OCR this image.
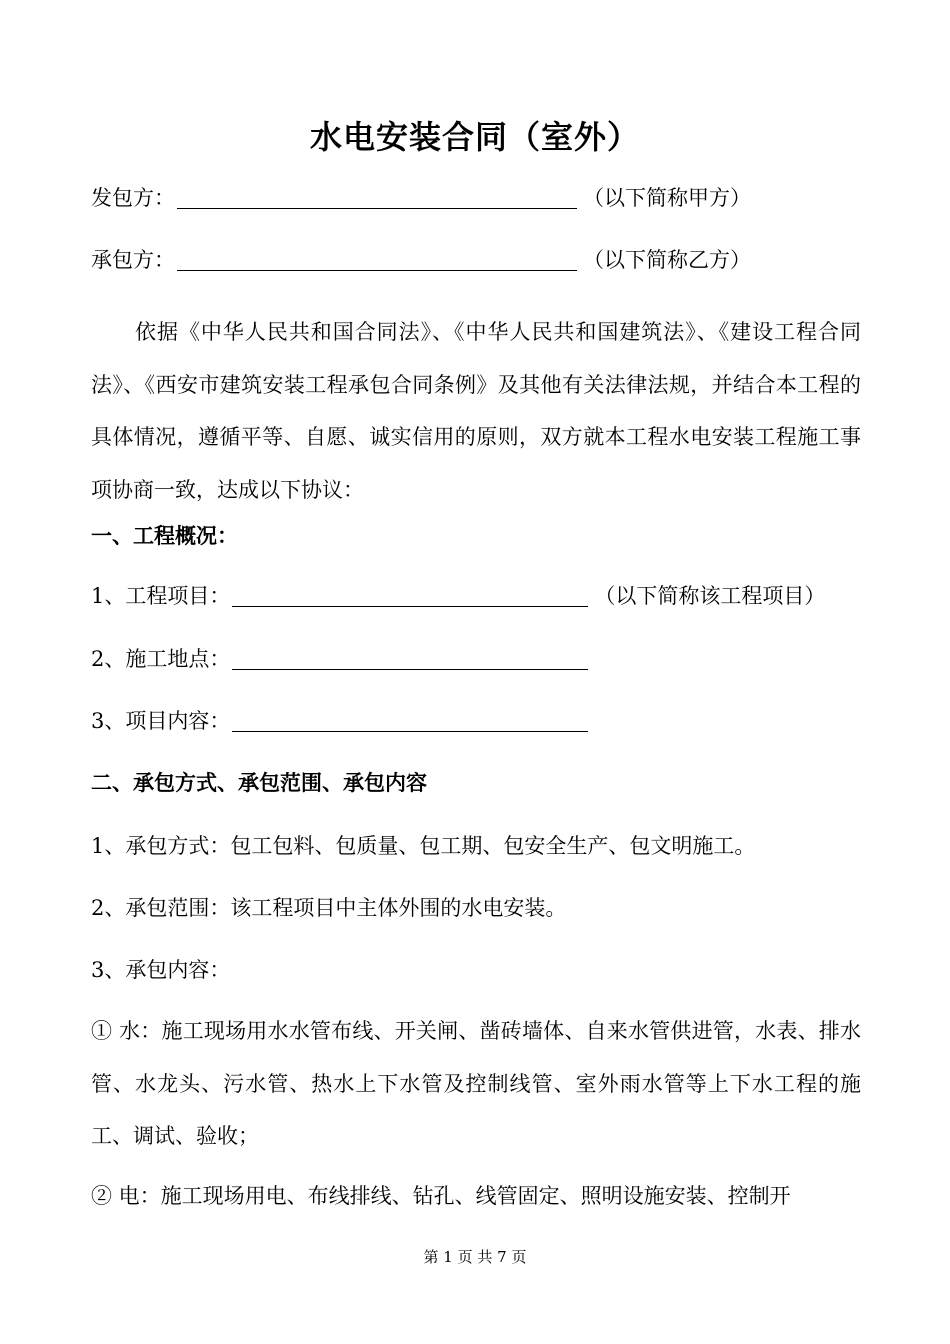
水电安装合同（室外）
发包方：	（以下简称甲方）
承包方：	（以下简称乙方）
依据《中华人民共和国合同法》、《中华人民共和国建筑法》、《建设工程合同法》、《西安市建筑安装工程承包合同条例》及其他有关法律法规，并结合本工程的具体情况，遵循平等、自愿、诚实信用的原则，双方就本工程水电安装工程施工事项协商一致，达成以下协议：
一、工程概况：
1、工程项目：	（以下简称该工程项目）
2、施工地点：
3、项目内容：
二、承包方式、承包范围、承包内容
1、承包方式：包工包料、包质量、包工期、包安全生产、包文明施工。
2、承包范围：该工程项目中主体外围的水电安装。
3、承包内容：
① 水：施工现场用水水管布线、开关闸、凿砖墙体、自来水管供进管，水表、排水管、水龙头、污水管、热水上下水管及控制线管、室外雨水管等上下水工程的施工、调试、验收；
② 电：施工现场用电、布线排线、钻孔、线管固定、照明设施安装、控制开
第 1 页 共 7 页
